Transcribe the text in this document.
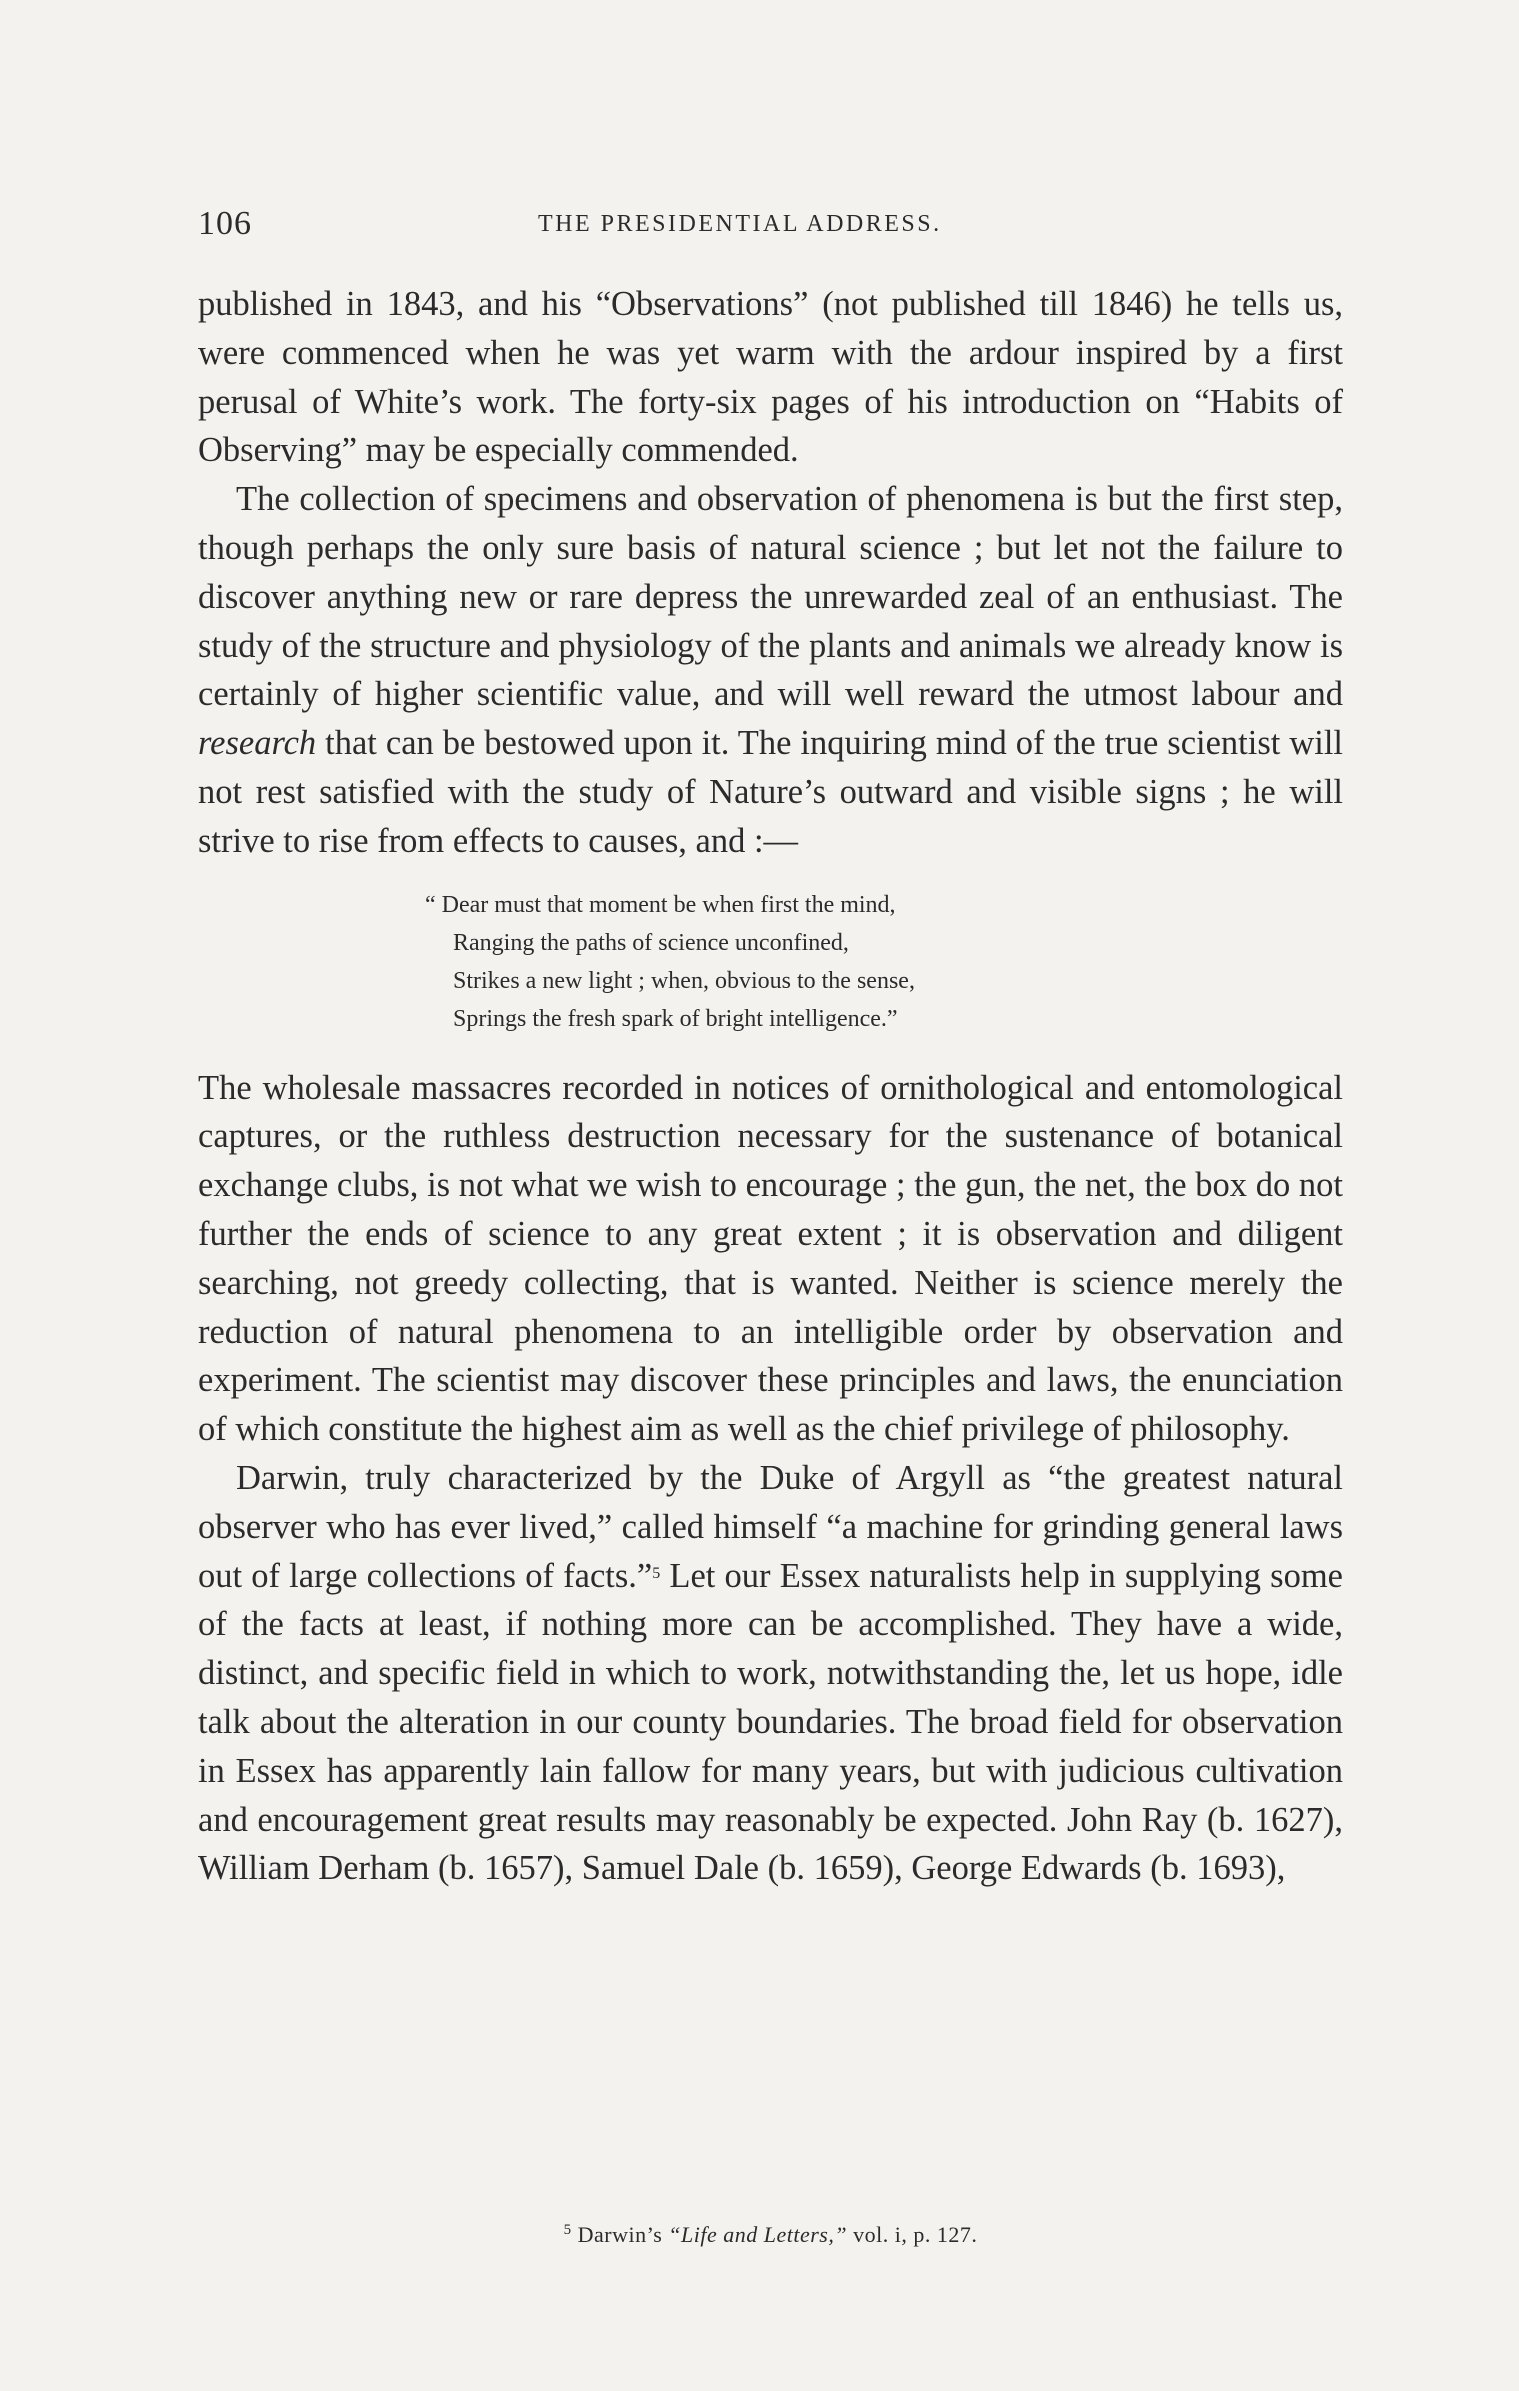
106	THE PRESIDENTIAL ADDRESS.

published in 1843, and his “Observations” (not published till 1846) he tells us, were commenced when he was yet warm with the ardour inspired by a first perusal of White’s work. The forty-six pages of his introduction on “Habits of Observing” may be especially commended.

The collection of specimens and observation of phenomena is but the first step, though perhaps the only sure basis of natural science ; but let not the failure to discover anything new or rare depress the unrewarded zeal of an enthusiast. The study of the structure and physiology of the plants and animals we already know is certainly of higher scientific value, and will well reward the utmost labour and research that can be bestowed upon it. The inquiring mind of the true scientist will not rest satisfied with the study of Nature’s outward and visible signs ; he will strive to rise from effects to causes, and :—

“ Dear must that moment be when first the mind,
Ranging the paths of science unconfined,
Strikes a new light ; when, obvious to the sense,
Springs the fresh spark of bright intelligence.”

The wholesale massacres recorded in notices of ornithological and entomological captures, or the ruthless destruction necessary for the sustenance of botanical exchange clubs, is not what we wish to encourage ; the gun, the net, the box do not further the ends of science to any great extent ; it is observation and diligent searching, not greedy collecting, that is wanted. Neither is science merely the reduction of natural phenomena to an intelligible order by observation and experiment. The scientist may discover these principles and laws, the enunciation of which constitute the highest aim as well as the chief privilege of philosophy.

Darwin, truly characterized by the Duke of Argyll as “the greatest natural observer who has ever lived,” called himself “a machine for grinding general laws out of large collections of facts.”$^5$ Let our Essex naturalists help in supplying some of the facts at least, if nothing more can be accomplished. They have a wide, distinct, and specific field in which to work, notwithstanding the, let us hope, idle talk about the alteration in our county boundaries. The broad field for observation in Essex has apparently lain fallow for many years, but with judicious cultivation and encouragement great results may reasonably be expected. John Ray (b. 1627), William Derham (b. 1657), Samuel Dale (b. 1659), George Edwards (b. 1693),

$^5$ Darwin’s “Life and Letters,” vol. i, p. 127.
